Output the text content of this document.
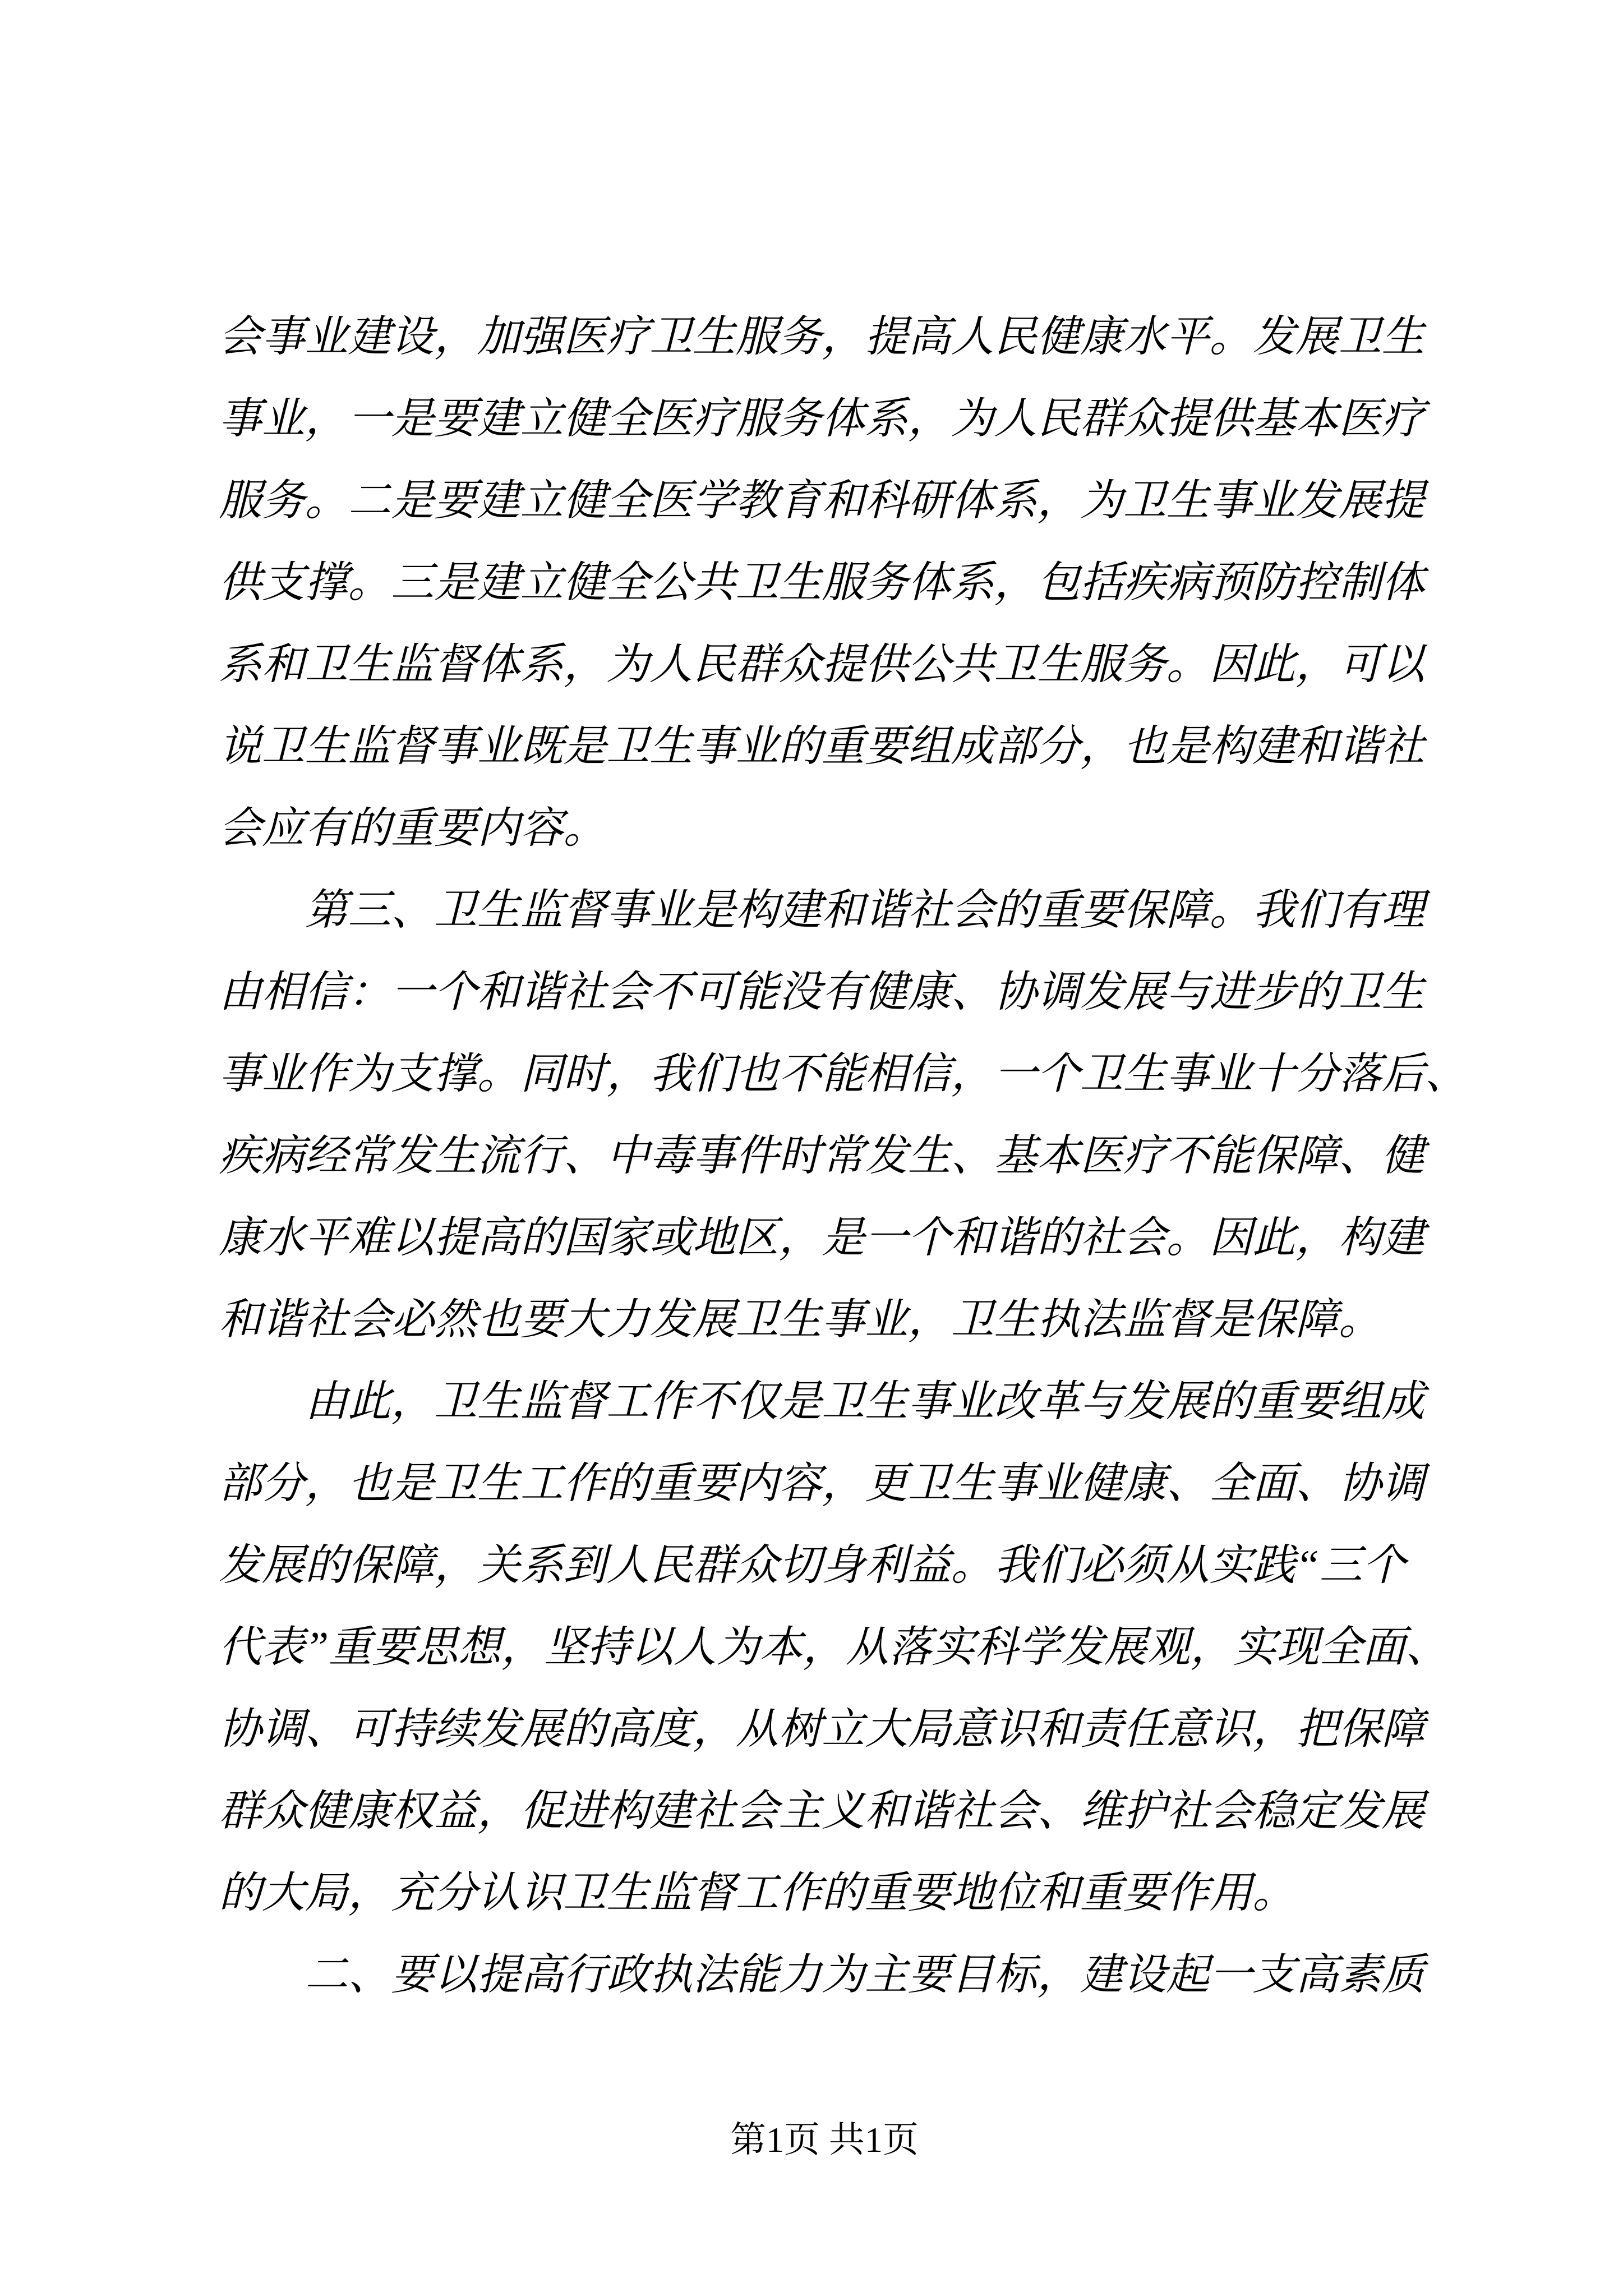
会事业建设，加强医疗卫生服务，提高人民健康水平。发展卫生
事业，一是要建立健全医疗服务体系，为人民群众提供基本医疗
服务。二是要建立健全医学教育和科研体系，为卫生事业发展提
供支撑。三是建立健全公共卫生服务体系，包括疾病预防控制体
系和卫生监督体系，为人民群众提供公共卫生服务。因此，可以
说卫生监督事业既是卫生事业的重要组成部分，也是构建和谐社
会应有的重要内容。
第三、卫生监督事业是构建和谐社会的重要保障。我们有理
由相信：一个和谐社会不可能没有健康、协调发展与进步的卫生
事业作为支撑。同时，我们也不能相信，一个卫生事业十分落后、
疾病经常发生流行、中毒事件时常发生、基本医疗不能保障、健
康水平难以提高的国家或地区，是一个和谐的社会。因此，构建
和谐社会必然也要大力发展卫生事业，卫生执法监督是保障。
由此，卫生监督工作不仅是卫生事业改革与发展的重要组成
部分，也是卫生工作的重要内容，更卫生事业健康、全面、协调
发展的保障，关系到人民群众切身利益。我们必须从实践“三个
代表”重要思想，坚持以人为本，从落实科学发展观，实现全面、
协调、可持续发展的高度，从树立大局意识和责任意识，把保障
群众健康权益，促进构建社会主义和谐社会、维护社会稳定发展
的大局，充分认识卫生监督工作的重要地位和重要作用。
二、要以提高行政执法能力为主要目标，建设起一支高素质
第1页 共1页
